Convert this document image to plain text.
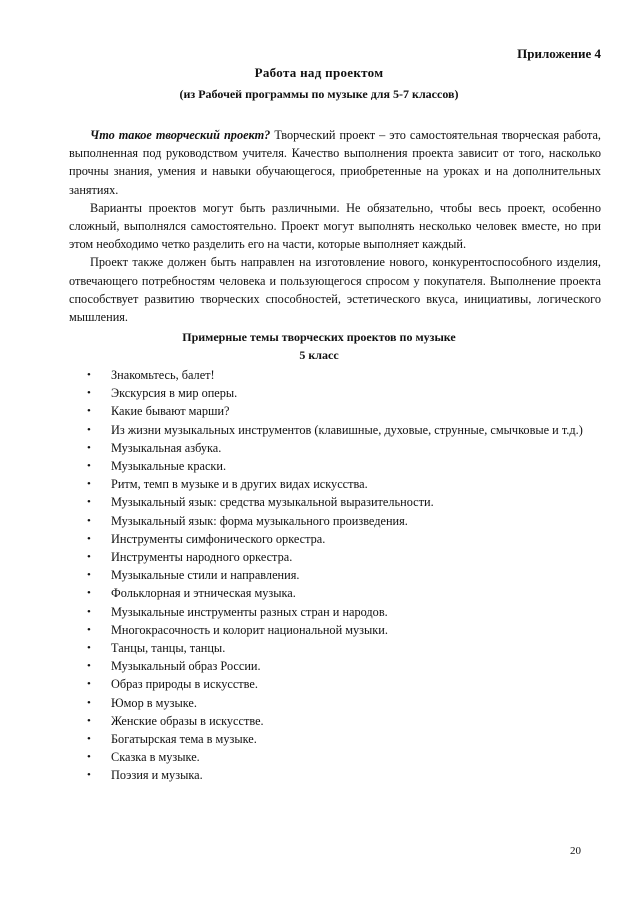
Приложение 4
Работа над проектом
(из Рабочей программы по музыке для 5-7 классов)

Что такое творческий проект? Творческий проект – это самостоятельная творческая работа, выполненная под руководством учителя. Качество выполнения проекта зависит от того, насколько прочны знания, умения и навыки обучающегося, приобретенные на уроках и на дополнительных занятиях.

Варианты проектов могут быть различными. Не обязательно, чтобы весь проект, особенно сложный, выполнялся самостоятельно. Проект могут выполнять несколько человек вместе, но при этом необходимо четко разделить его на части, которые выполняет каждый.

Проект также должен быть направлен на изготовление нового, конкурентоспособного изделия, отвечающего потребностям человека и пользующегося спросом у покупателя. Выполнение проекта способствует развитию творческих способностей, эстетического вкуса, инициативы, логического мышления.

Примерные темы творческих проектов по музыке
5 класс
• Знакомьтесь, балет!
• Экскурсия в мир оперы.
• Какие бывают марши?
• Из жизни музыкальных инструментов (клавишные, духовые, струнные, смычковые и т.д.)
• Музыкальная азбука.
• Музыкальные краски.
• Ритм, темп в музыке и в других видах искусства.
• Музыкальный язык: средства музыкальной выразительности.
• Музыкальный язык: форма музыкального произведения.
• Инструменты симфонического оркестра.
• Инструменты народного оркестра.
• Музыкальные стили и направления.
• Фольклорная и этническая музыка.
• Музыкальные инструменты разных стран и народов.
• Многокрасочность и колорит национальной музыки.
• Танцы, танцы, танцы.
• Музыкальный образ России.
• Образ природы в искусстве.
• Юмор в музыке.
• Женские образы в искусстве.
• Богатырская тема в музыке.
• Сказка в музыке.
• Поэзия и музыка.
20
